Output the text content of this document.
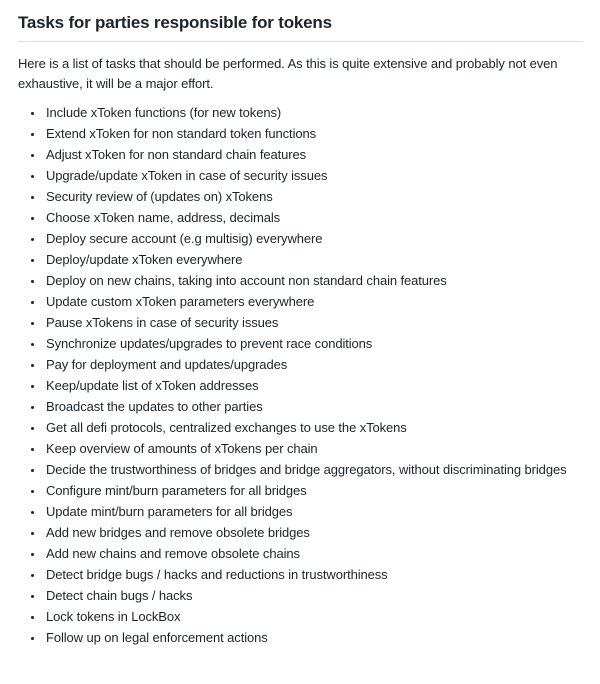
Tasks for parties responsible for tokens

Here is a list of tasks that should be performed. As this is quite extensive and probably not even exhaustive, it will be a major effort.

• Include xToken functions (for new tokens)
• Extend xToken for non standard token functions
• Adjust xToken for non standard chain features
• Upgrade/update xToken in case of security issues
• Security review of (updates on) xTokens
• Choose xToken name, address, decimals
• Deploy secure account (e.g multisig) everywhere
• Deploy/update xToken everywhere
• Deploy on new chains, taking into account non standard chain features
• Update custom xToken parameters everywhere
• Pause xTokens in case of security issues
• Synchronize updates/upgrades to prevent race conditions
• Pay for deployment and updates/upgrades
• Keep/update list of xToken addresses
• Broadcast the updates to other parties
• Get all defi protocols, centralized exchanges to use the xTokens
• Keep overview of amounts of xTokens per chain
• Decide the trustworthiness of bridges and bridge aggregators, without discriminating bridges
• Configure mint/burn parameters for all bridges
• Update mint/burn parameters for all bridges
• Add new bridges and remove obsolete bridges
• Add new chains and remove obsolete chains
• Detect bridge bugs / hacks and reductions in trustworthiness
• Detect chain bugs / hacks
• Lock tokens in LockBox
• Follow up on legal enforcement actions
